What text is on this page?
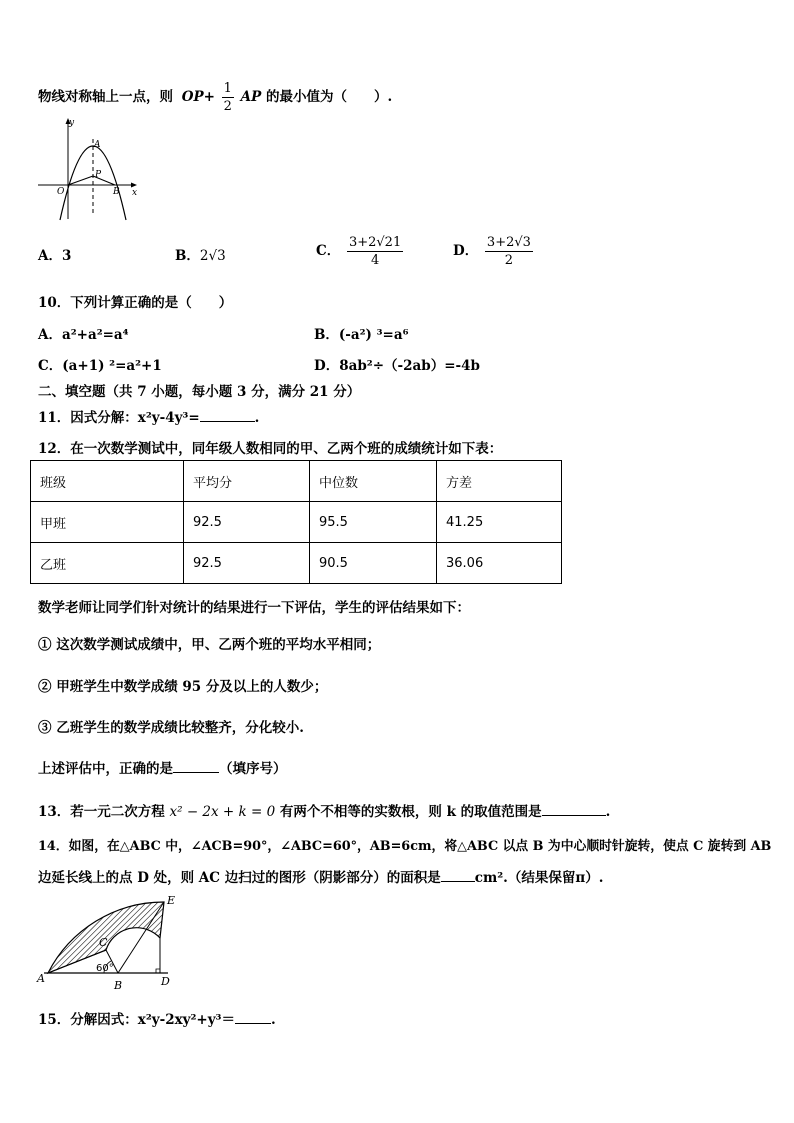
物线对称轴上一点，则 $OP+ \frac{1}{2}$ AP 的最小值为（　　）.
y
x
O
A
P
B
A．3	B．2√3	C． $\frac{3+2√21}{4}$	D． $\frac{3+2√3}{2}$
10．下列计算正确的是（　　）
A．a²+a²=a⁴	B．(-a²) ³=a⁶
C．(a+1) ²=a²+1	D．8ab²÷（-2ab）=-4b
二、填空题（共 7 小题，每小题 3 分，满分 21 分）
11．因式分解：x²y-4y³=	.
12．在一次数学测试中，同年级人数相同的甲、乙两个班的成绩统计如下表：
班级	平均分	中位数	方差
甲班	92.5	95.5	41.25
乙班	92.5	90.5	36.06
数学老师让同学们针对统计的结果进行一下评估，学生的评估结果如下：
① 这次数学测试成绩中，甲、乙两个班的平均水平相同；
② 甲班学生中数学成绩 95 分及以上的人数少；
③ 乙班学生的数学成绩比较整齐，分化较小.
上述评估中，正确的是	（填序号）
13．若一元二次方程 x² − 2x + k = 0 有两个不相等的实数根，则 k 的取值范围是	.
14．如图，在△ABC 中，∠ACB=90°，∠ABC=60°，AB=6cm，将△ABC 以点 B 为中心顺时针旋转，使点 C 旋转到 AB
边延长线上的点 D 处，则 AC 边扫过的图形（阴影部分）的面积是	cm².（结果保留π）.
E
C
A
B	D
60°
15．分解因式：x²y-2xy²+y³＝	.
